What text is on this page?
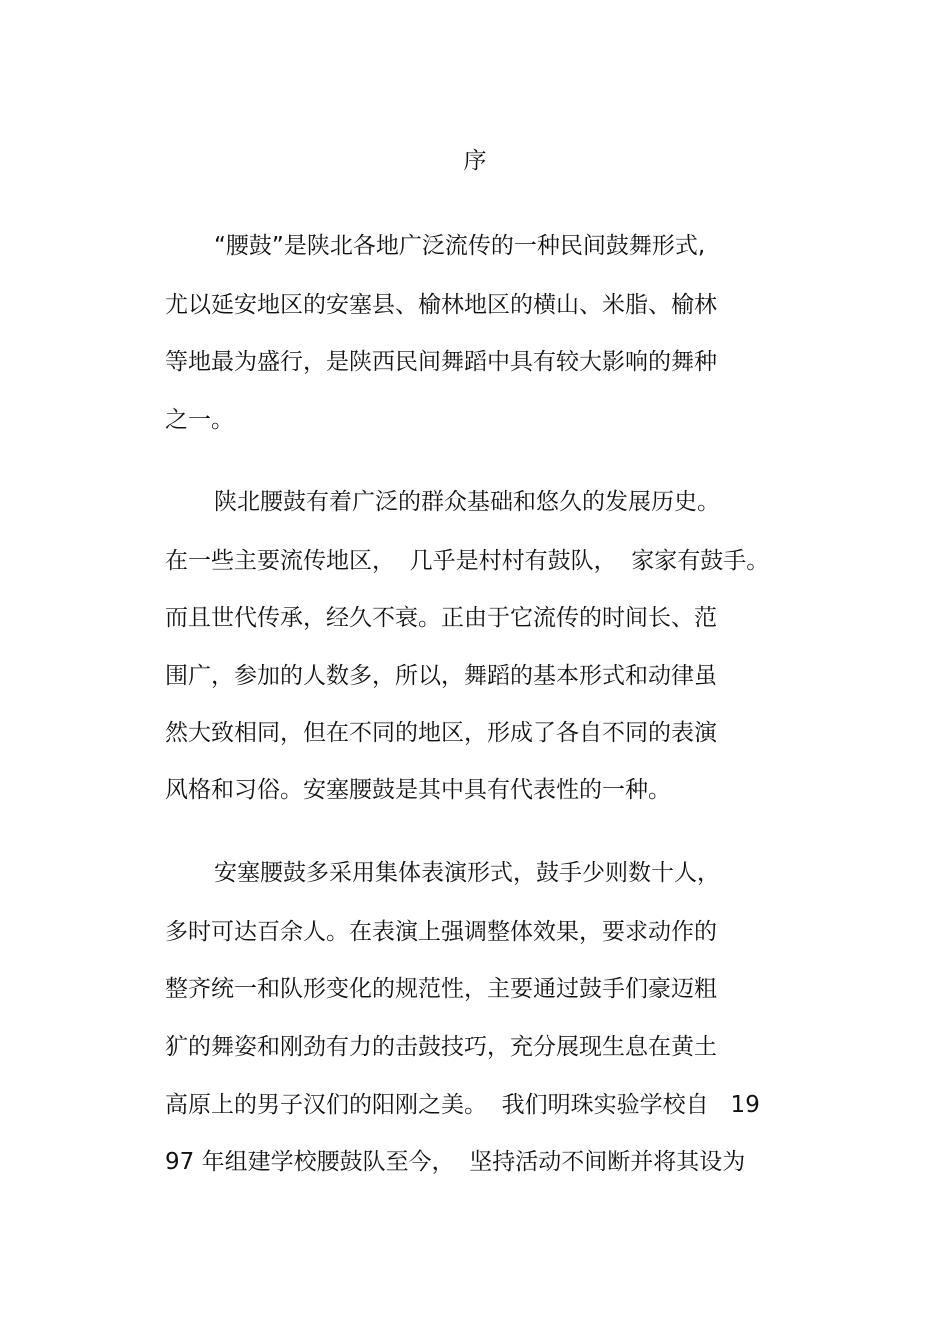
序
“腰鼓”是陕北各地广泛流传的一种民间鼓舞形式,
尤以延安地区的安塞县、榆林地区的横山、米脂、榆林
等地最为盛行，是陕西民间舞蹈中具有较大影响的舞种
之一。
陕北腰鼓有着广泛的群众基础和悠久的发展历史。
在一些主要流传地区，  几乎是村村有鼓队，  家家有鼓手。
而且世代传承，经久不衰。正由于它流传的时间长、范
围广，参加的人数多，所以，舞蹈的基本形式和动律虽
然大致相同，但在不同的地区，形成了各自不同的表演
风格和习俗。安塞腰鼓是其中具有代表性的一种。
安塞腰鼓多采用集体表演形式，鼓手少则数十人，
多时可达百余人。在表演上强调整体效果，要求动作的
整齐统一和队形变化的规范性，主要通过鼓手们豪迈粗
犷的舞姿和刚劲有力的击鼓技巧，充分展现生息在黄土
高原上的男子汉们的阳刚之美。  我们明珠实验学校自   19
97 年组建学校腰鼓队至今，  坚持活动不间断并将其设为
